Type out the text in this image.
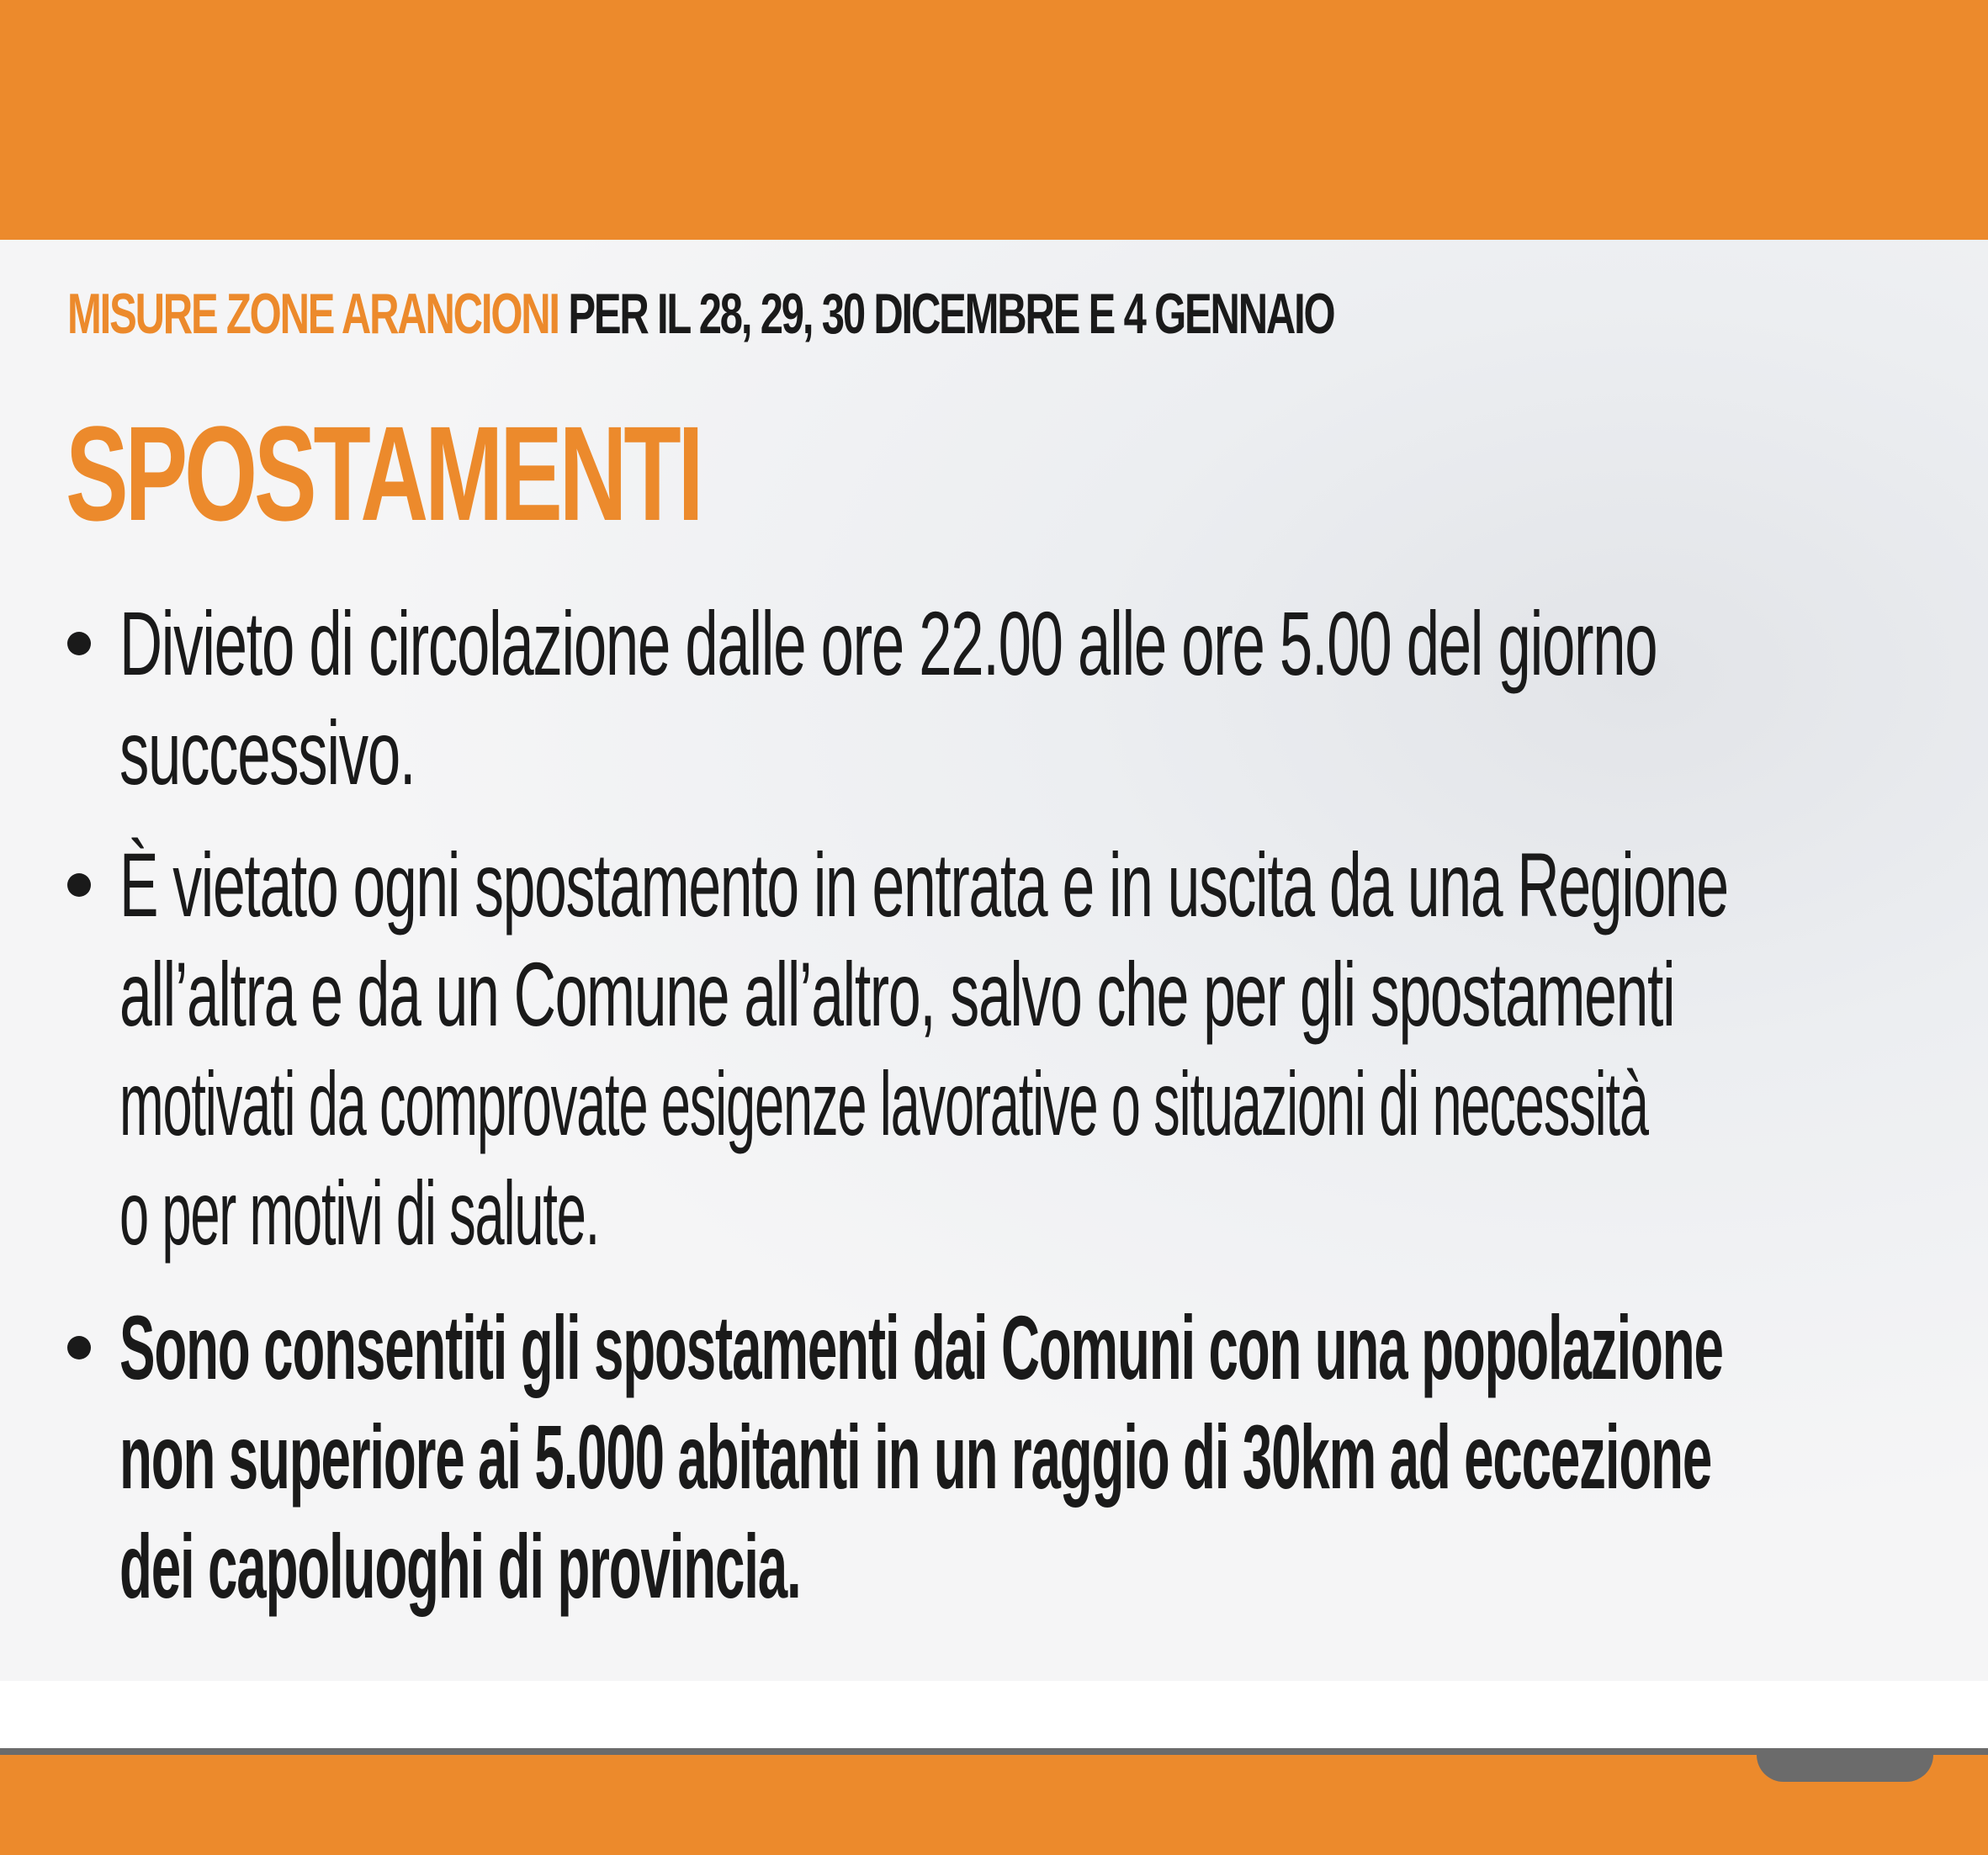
MISURE ZONE ARANCIONI PER IL 28, 29, 30 DICEMBRE E 4 GENNAIO
SPOSTAMENTI
Divieto di circolazione dalle ore 22.00 alle ore 5.00 del giorno
successivo.
È vietato ogni spostamento in entrata e in uscita da una Regione
all’altra e da un Comune all’altro, salvo che per gli spostamenti
motivati da comprovate esigenze lavorative o situazioni di necessità
o per motivi di salute.
Sono consentiti gli spostamenti dai Comuni con una popolazione
non superiore ai 5.000 abitanti in un raggio di 30km ad eccezione
dei capoluoghi di provincia.
